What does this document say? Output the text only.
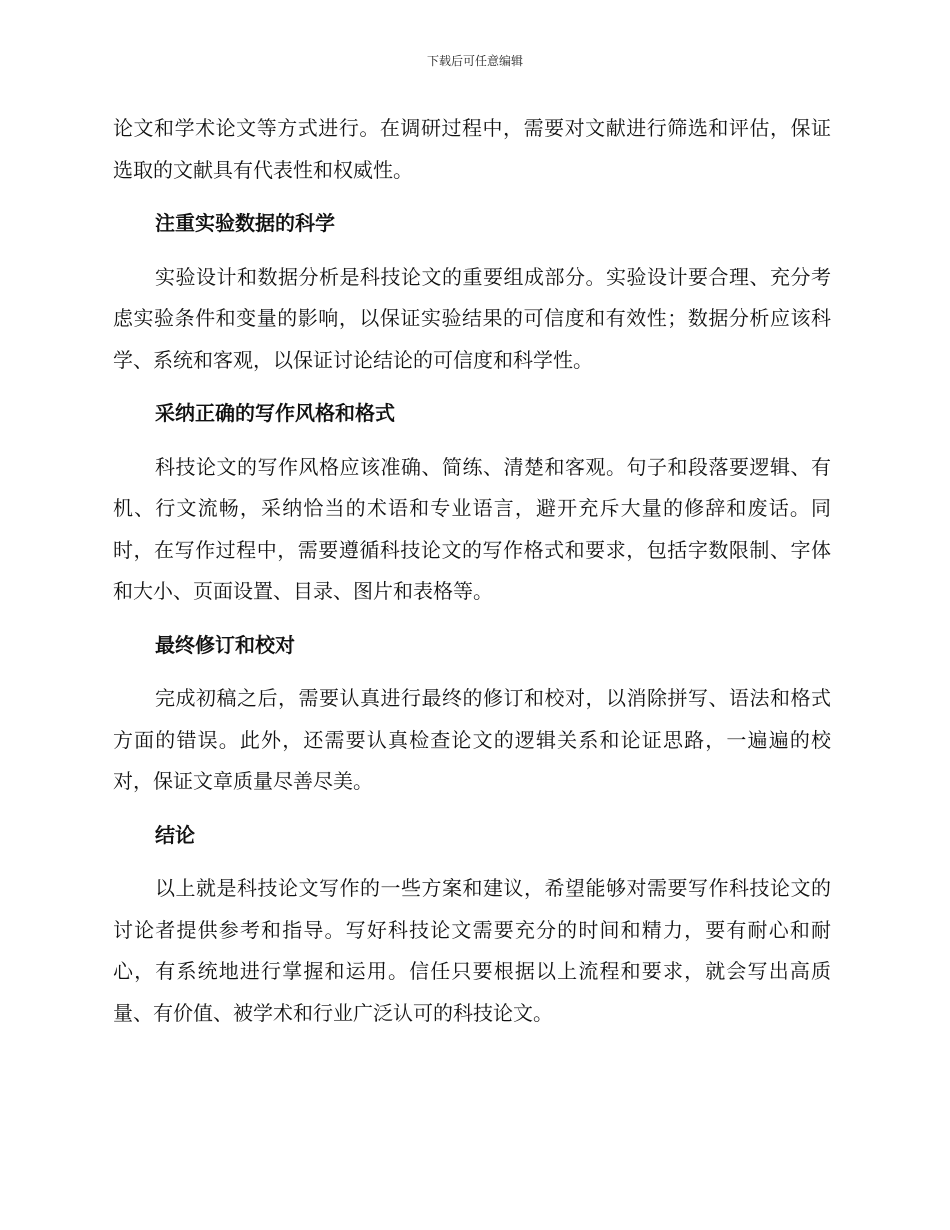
下载后可任意编辑

论文和学术论文等方式进行。在调研过程中，需要对文献进行筛选和评估，保证选取的文献具有代表性和权威性。

注重实验数据的科学

实验设计和数据分析是科技论文的重要组成部分。实验设计要合理、充分考虑实验条件和变量的影响，以保证实验结果的可信度和有效性；数据分析应该科学、系统和客观，以保证讨论结论的可信度和科学性。

采纳正确的写作风格和格式

科技论文的写作风格应该准确、简练、清楚和客观。句子和段落要逻辑、有机、行文流畅，采纳恰当的术语和专业语言，避开充斥大量的修辞和废话。同时，在写作过程中，需要遵循科技论文的写作格式和要求，包括字数限制、字体和大小、页面设置、目录、图片和表格等。

最终修订和校对

完成初稿之后，需要认真进行最终的修订和校对，以消除拼写、语法和格式方面的错误。此外，还需要认真检查论文的逻辑关系和论证思路，一遍遍的校对，保证文章质量尽善尽美。

结论

以上就是科技论文写作的一些方案和建议，希望能够对需要写作科技论文的讨论者提供参考和指导。写好科技论文需要充分的时间和精力，要有耐心和耐心，有系统地进行掌握和运用。信任只要根据以上流程和要求，就会写出高质量、有价值、被学术和行业广泛认可的科技论文。
